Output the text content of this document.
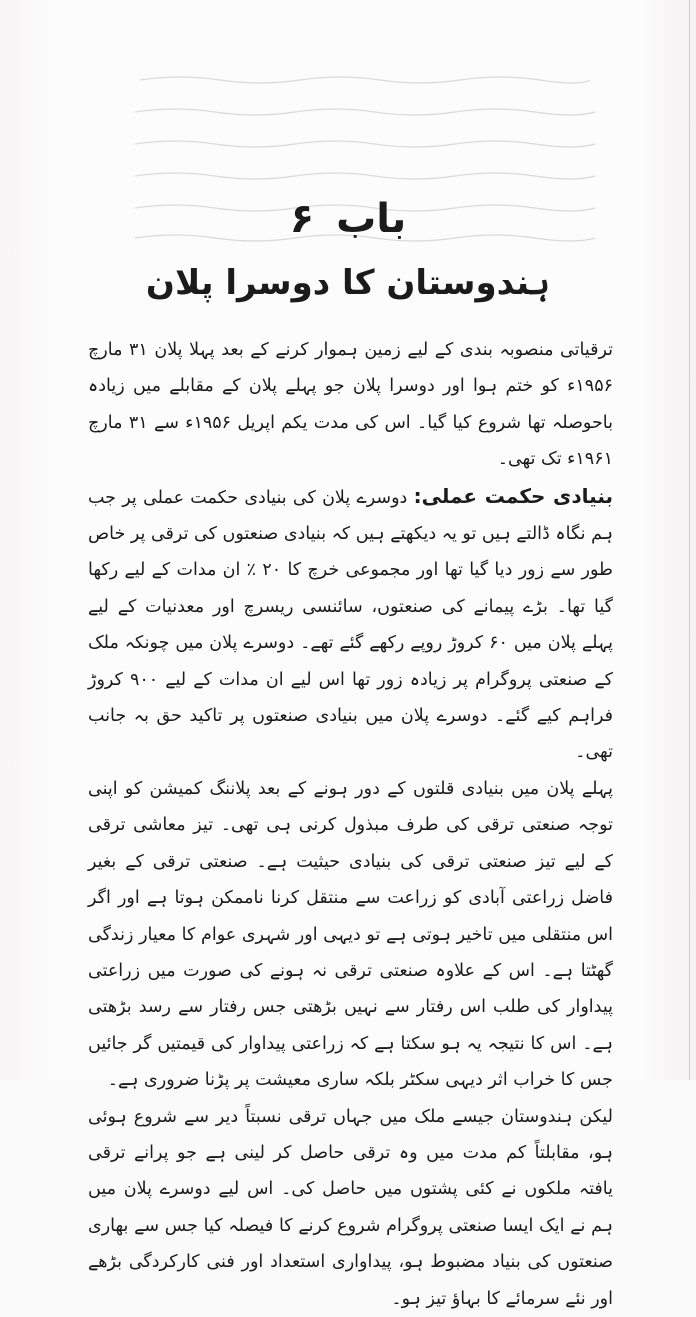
باب ۶
ہندوستان کا دوسرا پلان

ترقیاتی منصوبہ بندی کے لیے زمین ہموار کرنے کے بعد پہلا پلان ۳۱ مارچ ۱۹۵۶ء کو ختم ہوا اور دوسرا پلان جو پہلے پلان کے مقابلے میں زیادہ باحوصلہ تھا شروع کیا گیا۔ اس کی مدت یکم اپریل ۱۹۵۶ء سے ۳۱ مارچ ۱۹۶۱ء تک تھی۔

بنیادی حکمت عملی: دوسرے پلان کی بنیادی حکمت عملی پر جب ہم نگاہ ڈالتے ہیں تو یہ دیکھتے ہیں کہ بنیادی صنعتوں کی ترقی پر خاص طور سے زور دیا گیا تھا اور مجموعی خرچ کا ۲۰ ٪ ان مدات کے لیے رکھا گیا تھا۔ بڑے پیمانے کی صنعتوں، سائنسی ریسرچ اور معدنیات کے لیے پہلے پلان میں ۶۰ کروڑ روپے رکھے گئے تھے۔ دوسرے پلان میں چونکہ ملک کے صنعتی پروگرام پر زیادہ زور تھا اس لیے ان مدات کے لیے ۹۰۰ کروڑ فراہم کیے گئے۔ دوسرے پلان میں بنیادی صنعتوں پر تاکید حق بہ جانب تھی۔

پہلے پلان میں بنیادی قلتوں کے دور ہونے کے بعد پلاننگ کمیشن کو اپنی توجہ صنعتی ترقی کی طرف مبذول کرنی ہی تھی۔ تیز معاشی ترقی کے لیے تیز صنعتی ترقی کی بنیادی حیثیت ہے۔ صنعتی ترقی کے بغیر فاضل زراعتی آبادی کو زراعت سے منتقل کرنا ناممکن ہوتا ہے اور اگر اس منتقلی میں تاخیر ہوتی ہے تو دیہی اور شہری عوام کا معیار زندگی گھٹتا ہے۔ اس کے علاوہ صنعتی ترقی نہ ہونے کی صورت میں زراعتی پیداوار کی طلب اس رفتار سے نہیں بڑھتی جس رفتار سے رسد بڑھتی ہے۔ اس کا نتیجہ یہ ہو سکتا ہے کہ زراعتی پیداوار کی قیمتیں گر جائیں جس کا خراب اثر دیہی سکٹر بلکہ ساری معیشت پر پڑنا ضروری ہے۔

لیکن ہندوستان جیسے ملک میں جہاں ترقی نسبتاً دیر سے شروع ہوئی ہو، مقابلتاً کم مدت میں وہ ترقی حاصل کر لینی ہے جو پرانے ترقی یافتہ ملکوں نے کئی پشتوں میں حاصل کی۔ اس لیے دوسرے پلان میں ہم نے ایک ایسا صنعتی پروگرام شروع کرنے کا فیصلہ کیا جس سے بھاری صنعتوں کی بنیاد مضبوط ہو، پیداواری استعداد اور فنی کارکردگی بڑھے اور نئے سرمائے کا بہاؤ تیز ہو۔
